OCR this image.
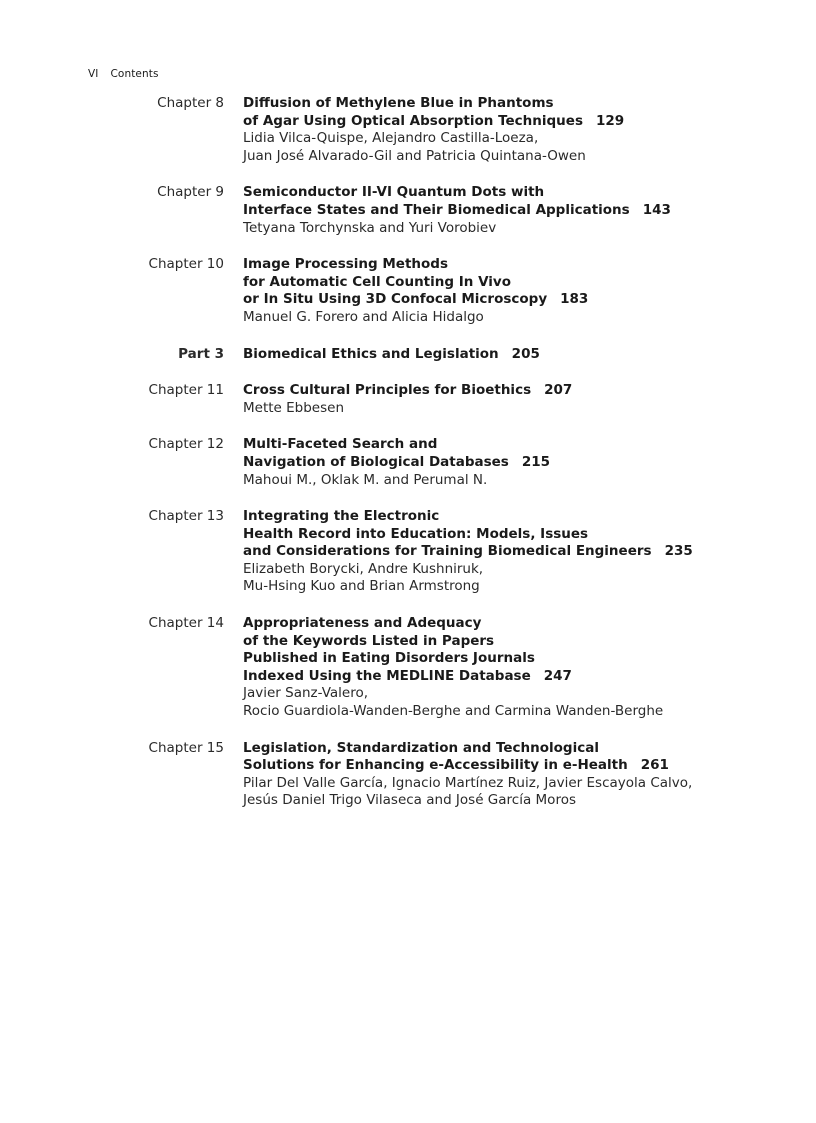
VI Contents
Chapter 8	Diffusion of Methylene Blue in Phantoms
of Agar Using Optical Absorption Techniques 129
Lidia Vilca-Quispe, Alejandro Castilla-Loeza,
Juan José Alvarado-Gil and Patricia Quintana-Owen
Chapter 9	Semiconductor II-VI Quantum Dots with
Interface States and Their Biomedical Applications 143
Tetyana Torchynska and Yuri Vorobiev
Chapter 10	Image Processing Methods
for Automatic Cell Counting In Vivo
or In Situ Using 3D Confocal Microscopy 183
Manuel G. Forero and Alicia Hidalgo
Part 3	Biomedical Ethics and Legislation 205
Chapter 11	Cross Cultural Principles for Bioethics 207
Mette Ebbesen
Chapter 12	Multi-Faceted Search and
Navigation of Biological Databases 215
Mahoui M., Oklak M. and Perumal N.
Chapter 13	Integrating the Electronic
Health Record into Education: Models, Issues
and Considerations for Training Biomedical Engineers 235
Elizabeth Borycki, Andre Kushniruk,
Mu-Hsing Kuo and Brian Armstrong
Chapter 14	Appropriateness and Adequacy
of the Keywords Listed in Papers
Published in Eating Disorders Journals
Indexed Using the MEDLINE Database 247
Javier Sanz-Valero,
Rocio Guardiola-Wanden-Berghe and Carmina Wanden-Berghe
Chapter 15	Legislation, Standardization and Technological
Solutions for Enhancing e-Accessibility in e-Health 261
Pilar Del Valle García, Ignacio Martínez Ruiz, Javier Escayola Calvo,
Jesús Daniel Trigo Vilaseca and José García Moros
